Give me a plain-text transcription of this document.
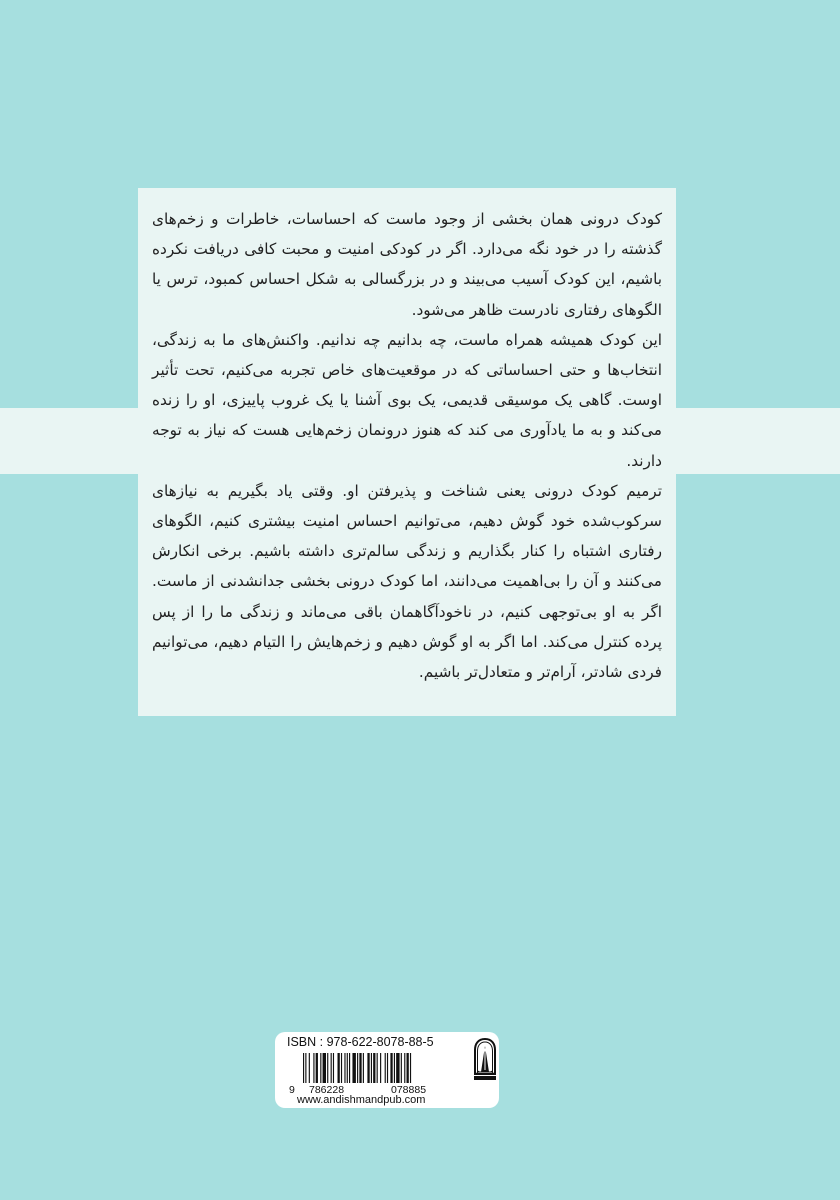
کودک درونی همان بخشی از وجود ماست که احساسات، خاطرات و زخم‌های گذشته را در خود نگه می‌دارد. اگر در کودکی امنیت و محبت کافی دریافت نکرده باشیم، این کودک آسیب می‌بیند و در بزرگسالی به شکل احساس کمبود، ترس یا الگوهای رفتاری نادرست ظاهر می‌شود.

این کودک همیشه همراه ماست، چه بدانیم چه ندانیم. واکنش‌های ما به زندگی، انتخاب‌ها و حتی احساساتی که در موقعیت‌های خاص تجربه می‌کنیم، تحت تأثیر اوست. گاهی یک موسیقی قدیمی، یک بوی آشنا یا یک غروب پاییزی، او را زنده می‌کند و به ما یادآوری می کند که هنوز درونمان زخم‌هایی هست که نیاز به توجه دارند.

ترمیم کودک درونی یعنی شناخت و پذیرفتن او. وقتی یاد بگیریم به نیازهای سرکوب‌شده خود گوش دهیم، می‌توانیم احساس امنیت بیشتری کنیم، الگوهای رفتاری اشتباه را کنار بگذاریم و زندگی سالم‌تری داشته باشیم. برخی انکارش می‌کنند و آن را بی‌اهمیت می‌دانند، اما کودک درونی بخشی جدانشدنی از ماست. اگر به او بی‌توجهی کنیم، در ناخودآگاهمان باقی می‌ماند و زندگی ما را از پس پرده کنترل می‌کند. اما اگر به او گوش دهیم و زخم‌هایش را التیام دهیم، می‌توانیم فردی شادتر، آرام‌تر و متعادل‌تر باشیم.

ISBN : 978-622-8078-88-5
9 786228	078885
www.andishmandpub.com
